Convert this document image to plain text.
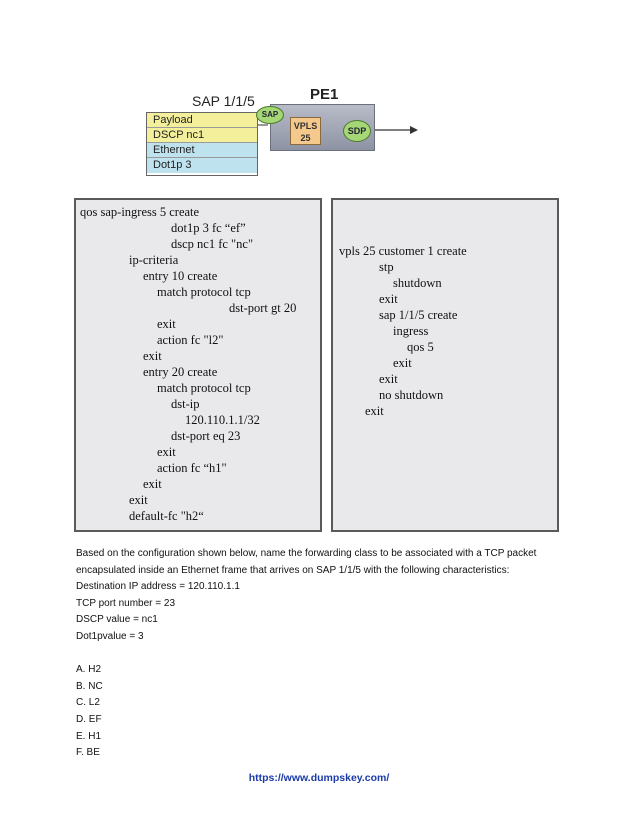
SAP 1/1/5	PE1
Payload
DSCP nc1
Ethernet
Dot1p 3
VPLS
25
SAP
SDP
qos sap-ingress 5 create
dot1p 3 fc “ef”
dscp nc1 fc "nc"
ip-criteria
entry 10 create
match protocol tcp
dst-port gt 20
exit
action fc "l2"
exit
entry 20 create
match protocol tcp
dst-ip
120.110.1.1/32
dst-port eq 23
exit
action fc “h1"
exit
exit
default-fc "h2“
vpls 25 customer 1 create
stp
shutdown
exit
sap 1/1/5 create
ingress
qos 5
exit
exit
no shutdown
exit

Based on the configuration shown below, name the forwarding class to be associated with a TCP packet

encapsulated inside an Ethernet frame that arrives on SAP 1/1/5 with the following characteristics:

Destination IP address = 120.110.1.1

TCP port number = 23

DSCP value = nc1

Dot1pvalue = 3

A. H2

B. NC

C. L2

D. EF

E. H1

F. BE

https://www.dumpskey.com/
